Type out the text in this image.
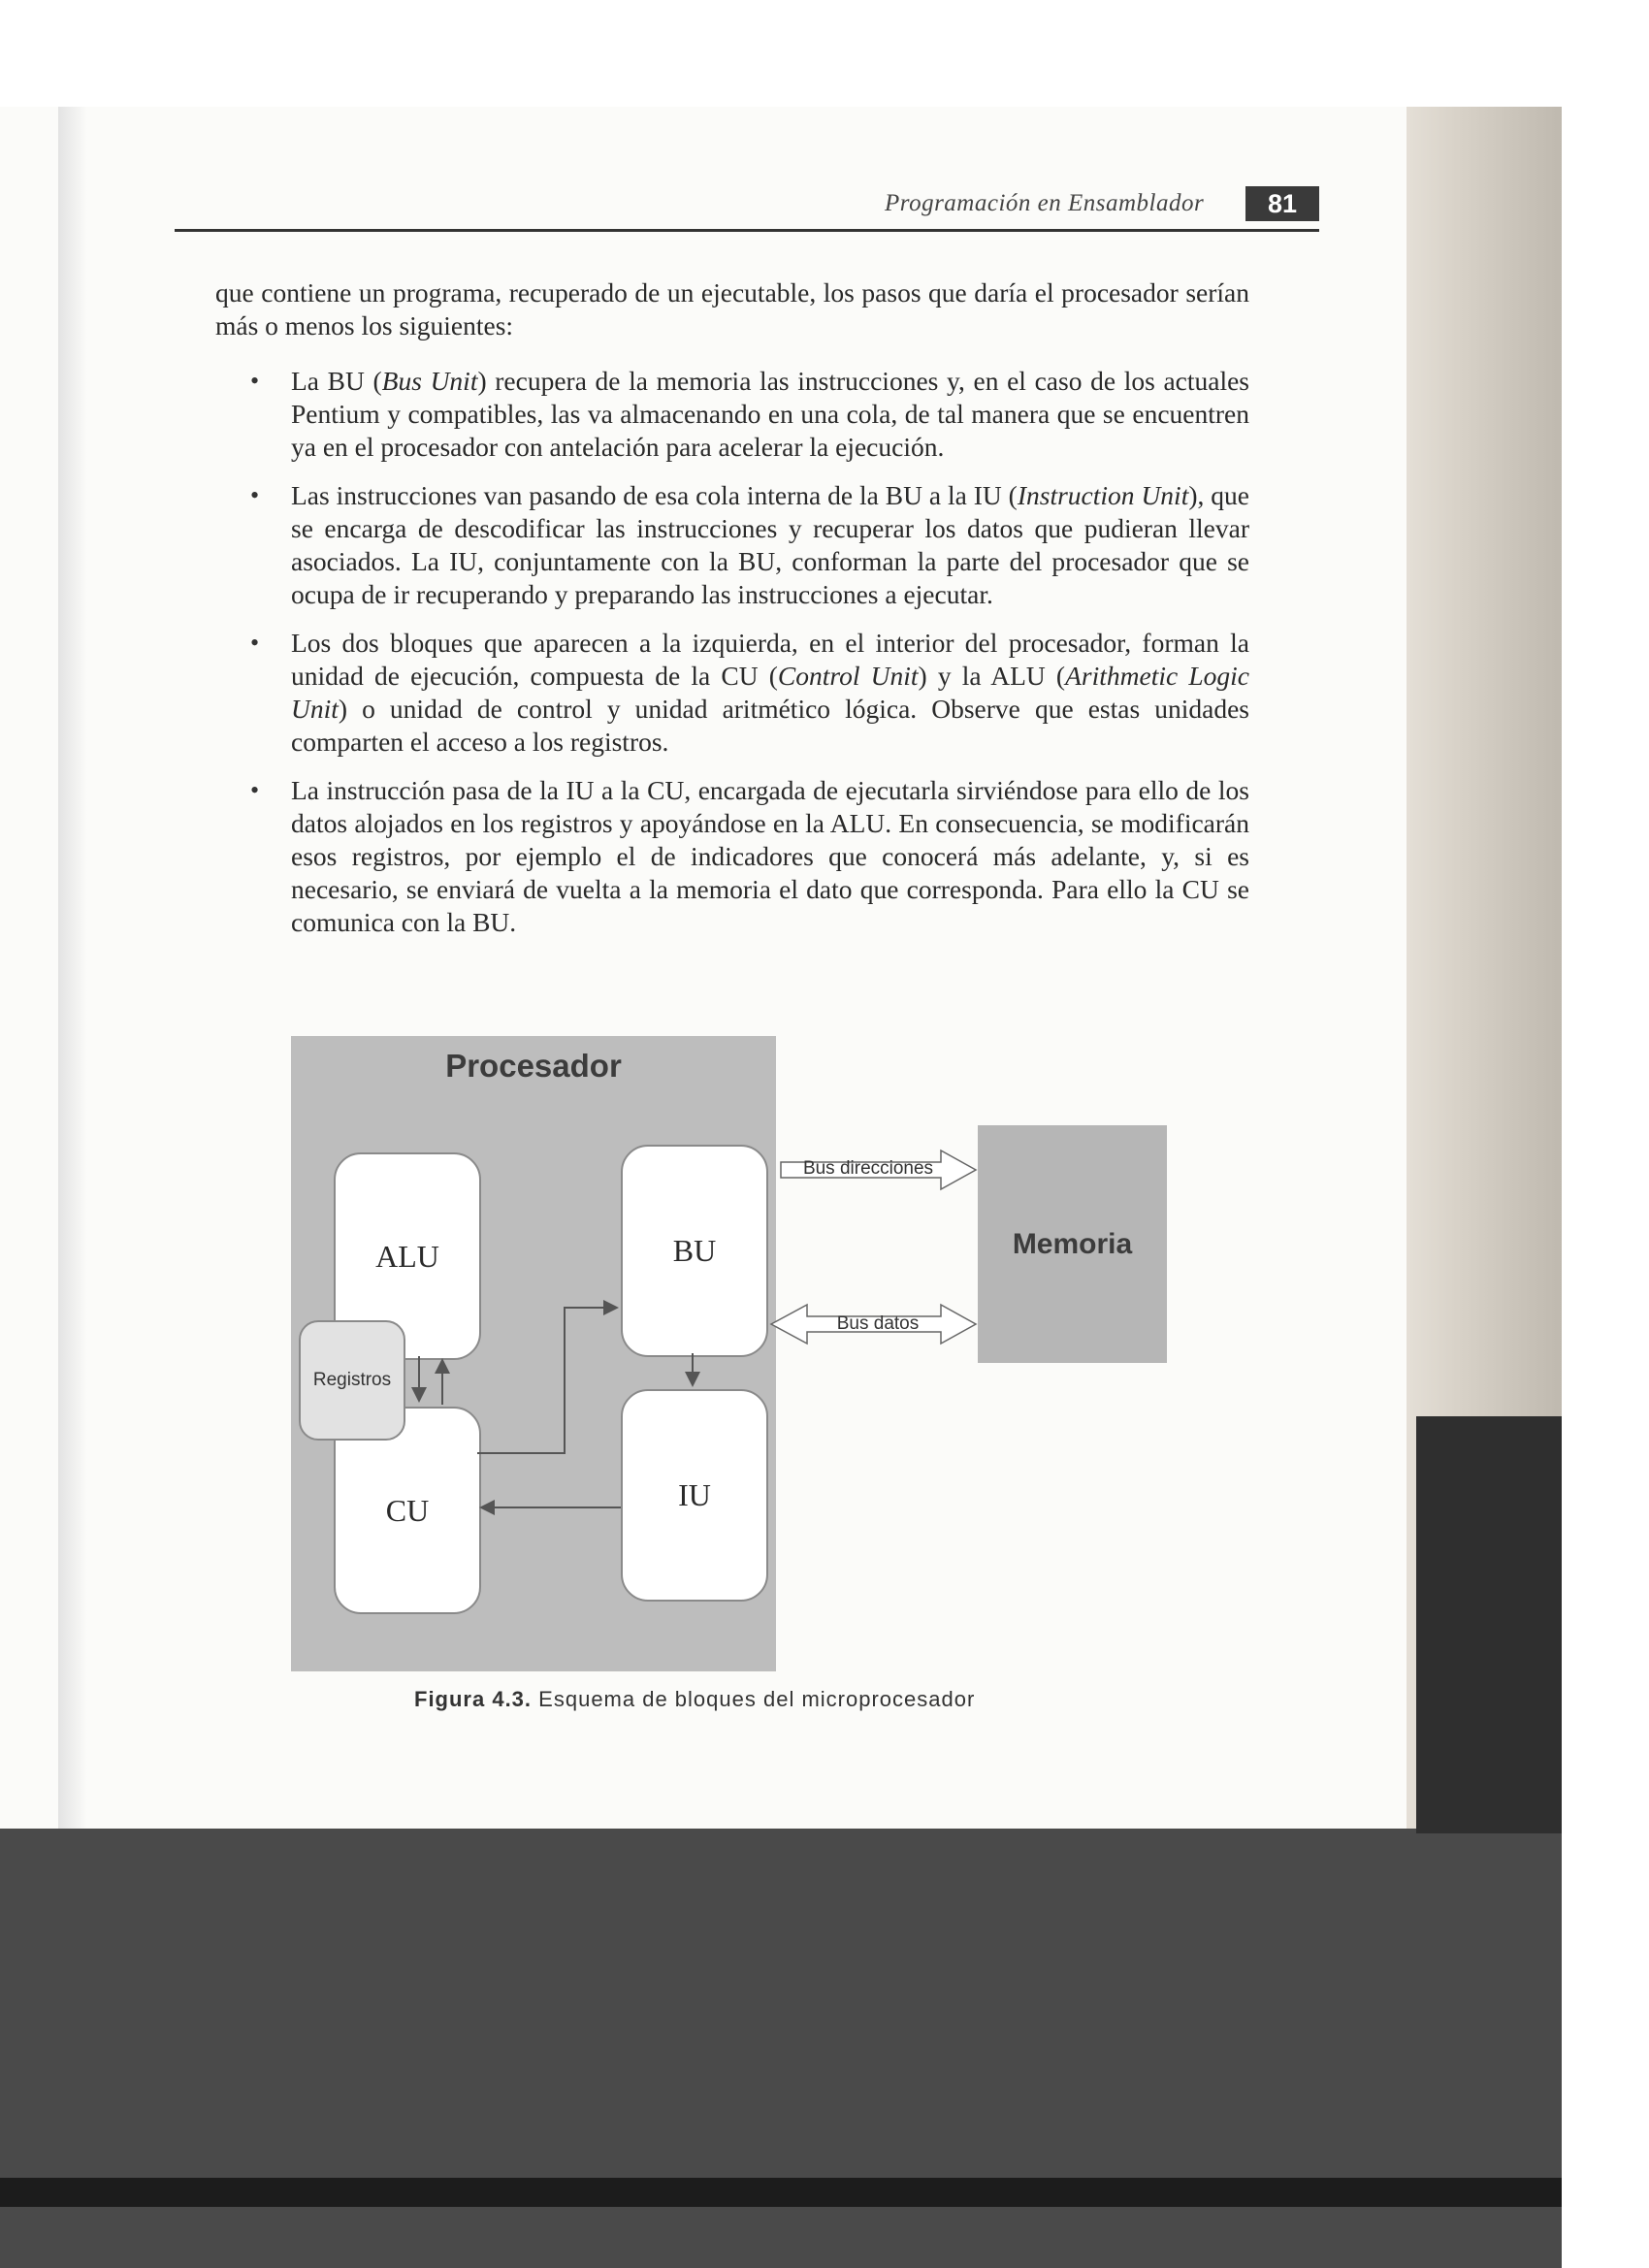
Programación en Ensamblador	81

que contiene un programa, recuperado de un ejecutable, los pasos que daría el procesador serían más o menos los siguientes:

• La BU (Bus Unit) recupera de la memoria las instrucciones y, en el caso de los actuales Pentium y compatibles, las va almacenando en una cola, de tal manera que se encuentren ya en el procesador con antelación para acelerar la ejecución.
• Las instrucciones van pasando de esa cola interna de la BU a la IU (Instruction Unit), que se encarga de descodificar las instrucciones y recuperar los datos que pudieran llevar asociados. La IU, conjuntamente con la BU, conforman la parte del procesador que se ocupa de ir recuperando y preparando las instrucciones a ejecutar.
• Los dos bloques que aparecen a la izquierda, en el interior del procesador, forman la unidad de ejecución, compuesta de la CU (Control Unit) y la ALU (Arithmetic Logic Unit) o unidad de control y unidad aritmético lógica. Observe que estas unidades comparten el acceso a los registros.
• La instrucción pasa de la IU a la CU, encargada de ejecutarla sirviéndose para ello de los datos alojados en los registros y apoyándose en la ALU. En consecuencia, se modificarán esos registros, por ejemplo el de indicadores que conocerá más adelante, y, si es necesario, se enviará de vuelta a la memoria el dato que corresponda. Para ello la CU se comunica con la BU.
Procesador
ALU
CU
BU
IU
Registros
Memoria
Bus direcciones
Bus datos
Figura 4.3. Esquema de bloques del microprocesador
